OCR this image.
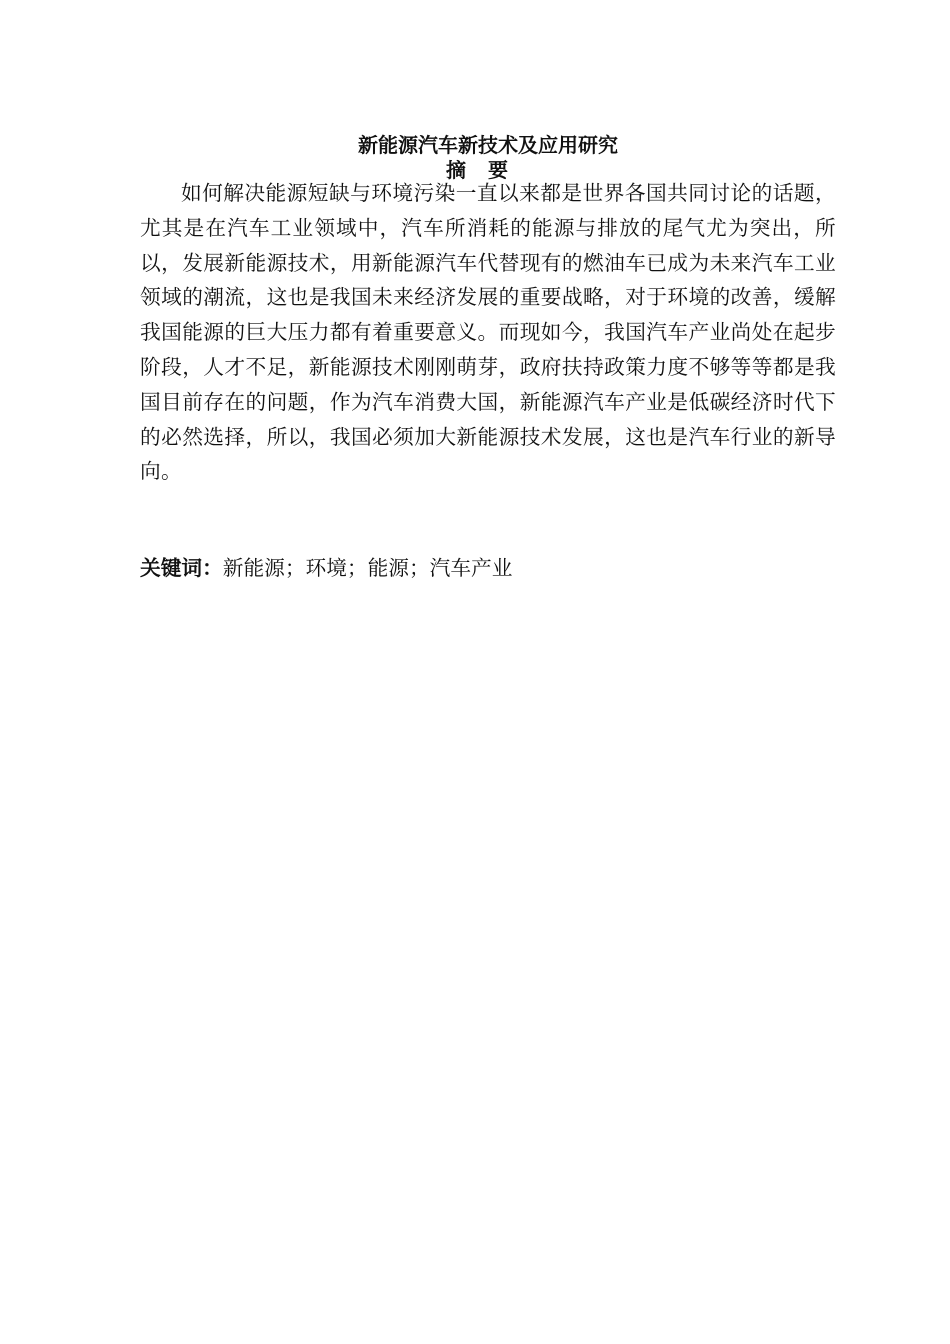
新能源汽车新技术及应用研究
摘要

如何解决能源短缺与环境污染一直以来都是世界各国共同讨论的话题，尤其是在汽车工业领域中，汽车所消耗的能源与排放的尾气尤为突出，所以，发展新能源技术，用新能源汽车代替现有的燃油车已成为未来汽车工业领域的潮流，这也是我国未来经济发展的重要战略，对于环境的改善，缓解我国能源的巨大压力都有着重要意义。而现如今，我国汽车产业尚处在起步阶段，人才不足，新能源技术刚刚萌芽，政府扶持政策力度不够等等都是我国目前存在的问题，作为汽车消费大国，新能源汽车产业是低碳经济时代下的必然选择，所以，我国必须加大新能源技术发展，这也是汽车行业的新导向。

关键词：新能源；环境；能源；汽车产业
